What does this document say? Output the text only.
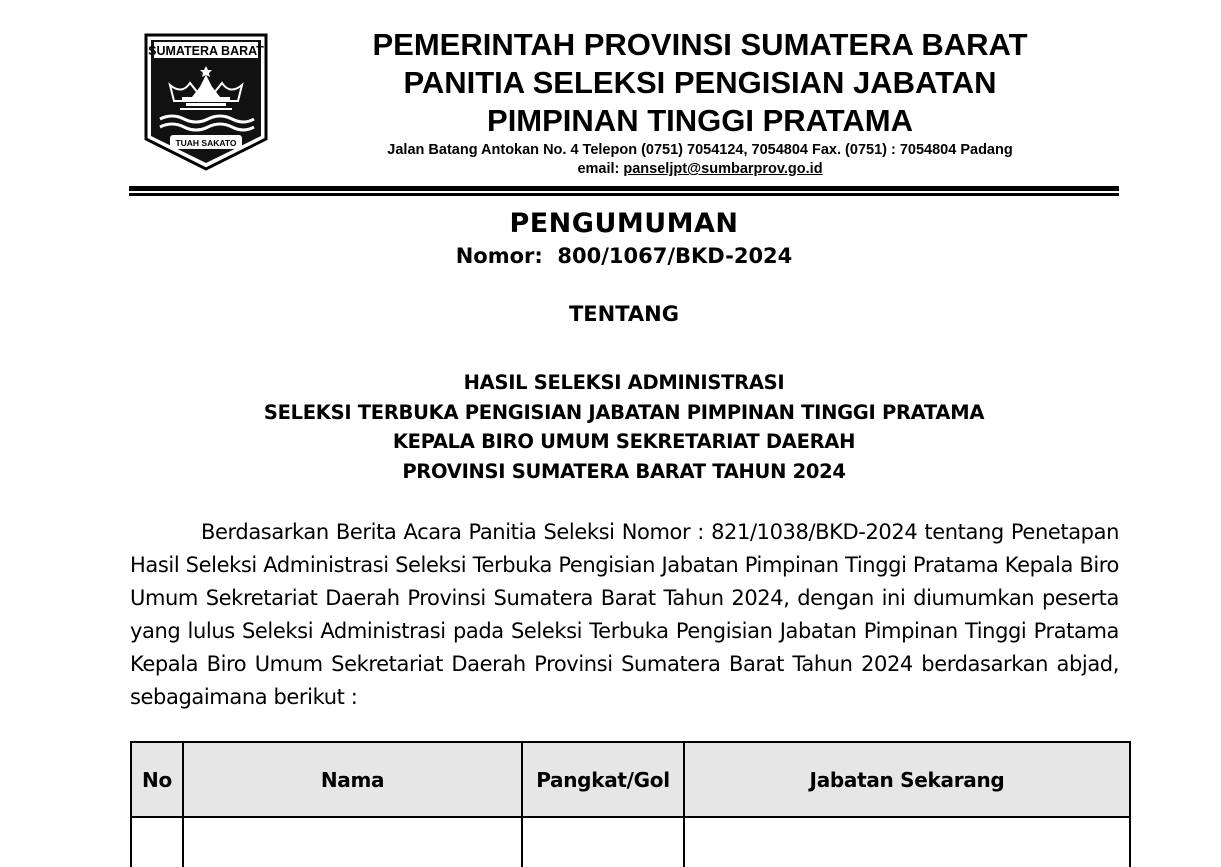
SUMATERA BARAT
TUAH SAKATO
PEMERINTAH PROVINSI SUMATERA BARAT
PANITIA SELEKSI PENGISIAN JABATAN
PIMPINAN TINGGI PRATAMA
Jalan Batang Antokan No. 4 Telepon (0751) 7054124, 7054804 Fax. (0751) : 7054804 Padang
email: panseljpt@sumbarprov.go.id
PENGUMUMAN
Nomor:  800/1067/BKD-2024
TENTANG
HASIL SELEKSI ADMINISTRASI
SELEKSI TERBUKA PENGISIAN JABATAN PIMPINAN TINGGI PRATAMA
KEPALA BIRO UMUM SEKRETARIAT DAERAH
PROVINSI SUMATERA BARAT TAHUN 2024
Berdasarkan Berita Acara Panitia Seleksi Nomor : 821/1038/BKD-2024 tentang Penetapan Hasil Seleksi Administrasi Seleksi Terbuka Pengisian Jabatan Pimpinan Tinggi Pratama Kepala Biro Umum Sekretariat Daerah Provinsi Sumatera Barat Tahun 2024, dengan ini diumumkan peserta yang lulus Seleksi Administrasi pada Seleksi Terbuka Pengisian Jabatan Pimpinan Tinggi Pratama Kepala Biro Umum Sekretariat Daerah Provinsi Sumatera Barat Tahun 2024 berdasarkan abjad, sebagaimana berikut :
No	Nama	Pangkat/Gol	Jabatan Sekarang
